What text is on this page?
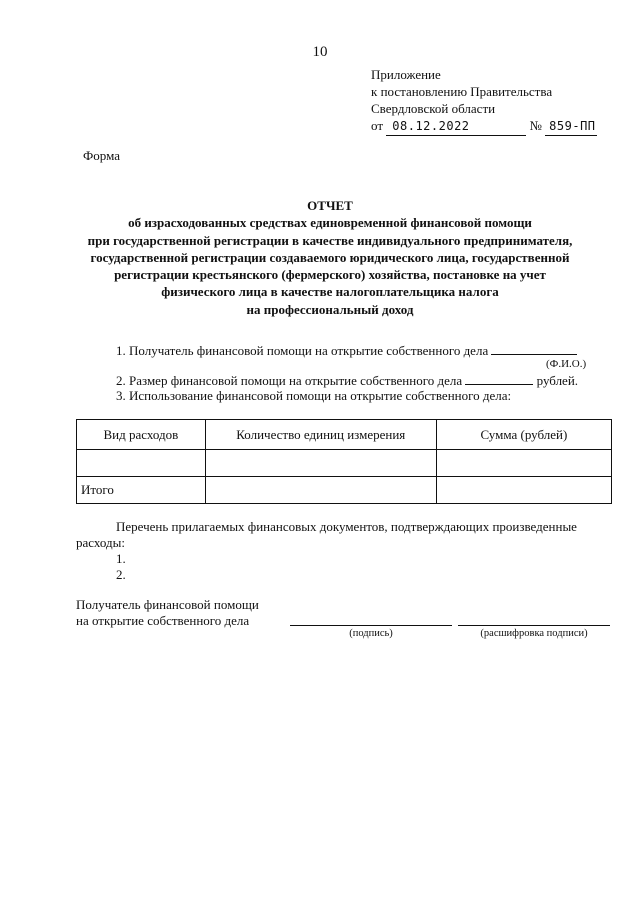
10
Приложение
к постановлению Правительства
Свердловской области
от 08.12.2022	№ 859-ПП
Форма
ОТЧЕТ
об израсходованных средствах единовременной финансовой помощи
при государственной регистрации в качестве индивидуального предпринимателя,
государственной регистрации создаваемого юридического лица, государственной
регистрации крестьянского (фермерского) хозяйства, постановке на учет
физического лица в качестве налогоплательщика налога
на профессиональный доход
1. Получатель финансовой помощи на открытие собственного дела
(Ф.И.О.)
2. Размер финансовой помощи на открытие собственного дела	рублей.
3. Использование финансовой помощи на открытие собственного дела:
Вид расходов	Количество единиц измерения	Сумма (рублей)

Итого		
Перечень прилагаемых финансовых документов, подтверждающих произведенные
расходы:
1.
2.
Получатель финансовой помощи
на открытие собственного дела
(подпись)	(расшифровка подписи)
